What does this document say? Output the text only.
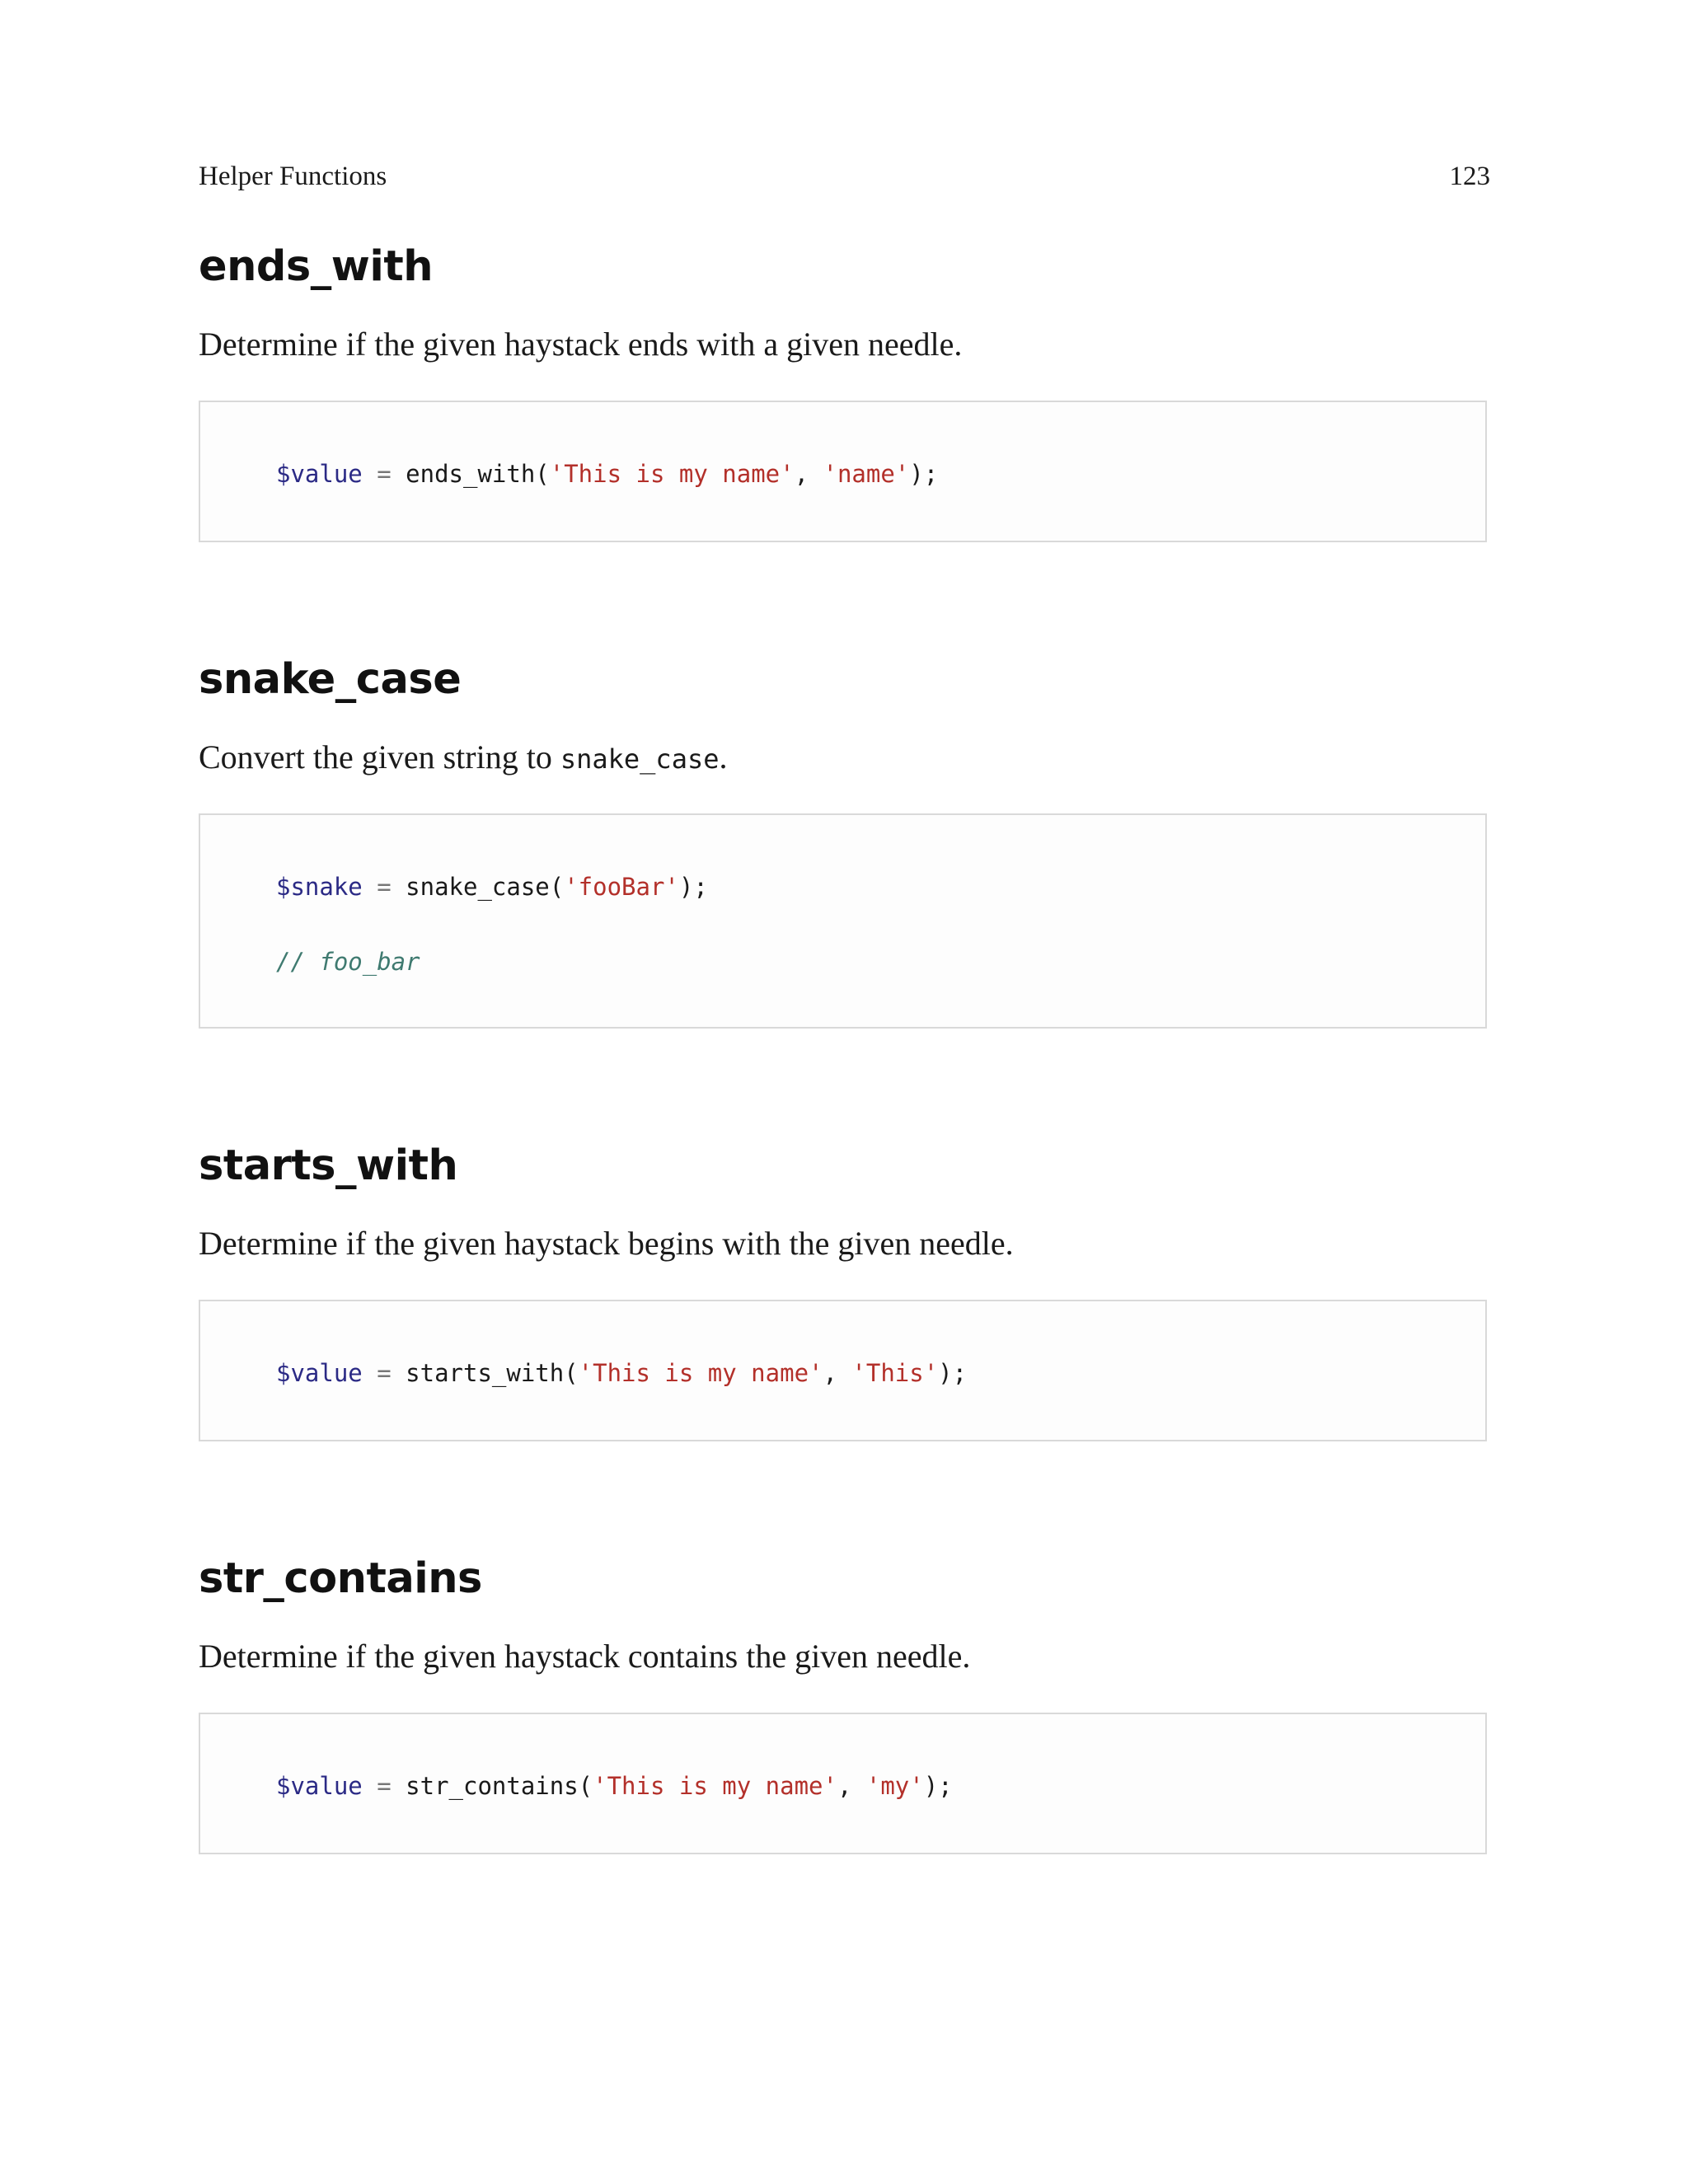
Helper Functions	123
ends_with

Determine if the given haystack ends with a given needle.

$value = ends_with('This is my name', 'name');
snake_case

Convert the given string to snake_case.

$snake = snake_case('fooBar');
// foo_bar
starts_with

Determine if the given haystack begins with the given needle.

$value = starts_with('This is my name', 'This');
str_contains

Determine if the given haystack contains the given needle.

$value = str_contains('This is my name', 'my');
